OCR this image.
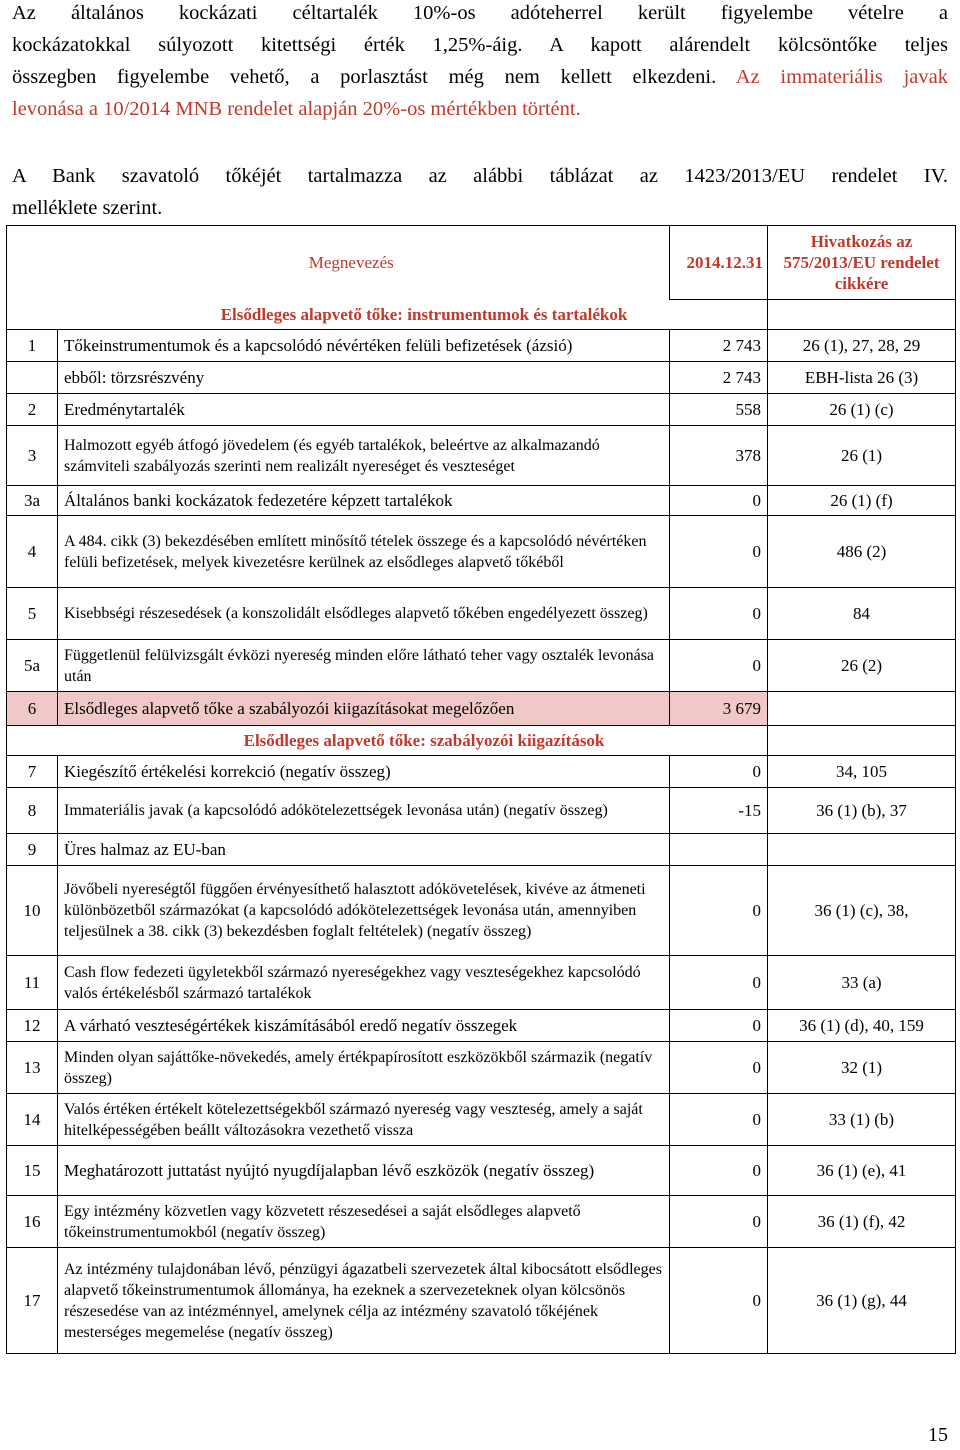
Az általános kockázati céltartalék 10%-os adóteherrel került figyelembe vételre a
kockázatokkal súlyozott kitettségi érték 1,25%-áig. A kapott alárendelt kölcsöntőke teljes
összegben figyelembe vehető, a porlasztást még nem kellett elkezdeni. Az immateriális javak
levonása a 10/2014 MNB rendelet alapján 20%-os mértékben történt.
A Bank szavatoló tőkéjét tartalmazza az alábbi táblázat az 1423/2013/EU rendelet IV.
melléklete szerint.
	Megnevezés	2014.12.31	Hivatkozás az 575/2013/EU rendelet cikkére
Elsődleges alapvető tőke: instrumentumok és tartalékok			
1	Tőkeinstrumentumok és a kapcsolódó névértéken felüli befizetések (ázsió)	2 743	26 (1), 27, 28, 29
	ebből: törzsrészvény	2 743	EBH-lista 26 (3)
2	Eredménytartalék	558	26 (1) (c)
3	Halmozott egyéb átfogó jövedelem (és egyéb tartalékok, beleértve az alkalmazandó számviteli szabályozás szerinti nem realizált nyereséget és veszteséget	378	26 (1)
3a	Általános banki kockázatok fedezetére képzett tartalékok	0	26 (1) (f)
4	A 484. cikk (3) bekezdésében említett minősítő tételek összege és a kapcsolódó névértéken felüli befizetések, melyek kivezetésre kerülnek az elsődleges alapvető tőkéből	0	486 (2)
5	Kisebbségi részesedések (a konszolidált elsődleges alapvető tőkében engedélyezett összeg)	0	84
5a	Függetlenül felülvizsgált évközi nyereség minden előre látható teher vagy osztalék levonása után	0	26 (2)
6	Elsődleges alapvető tőke a szabályozói kiigazításokat megelőzően	3 679	
Elsődleges alapvető tőke: szabályozói kiigazítások			
7	Kiegészítő értékelési korrekció (negatív összeg)	0	34, 105
8	Immateriális javak (a kapcsolódó adókötelezettségek levonása után) (negatív összeg)	-15	36 (1) (b), 37
9	Üres halmaz az EU-ban		
10	Jövőbeli nyereségtől függően érvényesíthető halasztott adókövetelések, kivéve az átmeneti különbözetből származókat (a kapcsolódó adókötelezettségek levonása után, amennyiben teljesülnek a 38. cikk (3) bekezdésben foglalt feltételek) (negatív összeg)	0	36 (1) (c), 38,
11	Cash flow fedezeti ügyletekből származó nyereségekhez vagy veszteségekhez kapcsolódó valós értékelésből származó tartalékok	0	33 (a)
12	A várható veszteségértékek kiszámításából eredő negatív összegek	0	36 (1) (d), 40, 159
13	Minden olyan sajáttőke-növekedés, amely értékpapírosított eszközökből származik (negatív összeg)	0	32 (1)
14	Valós értéken értékelt kötelezettségekből származó nyereség vagy veszteség, amely a saját hitelképességében beállt változásokra vezethető vissza	0	33 (1) (b)
15	Meghatározott juttatást nyújtó nyugdíjalapban lévő eszközök (negatív összeg)	0	36 (1) (e), 41
16	Egy intézmény közvetlen vagy közvetett részesedései a saját elsődleges alapvető tőkeinstrumentumokból (negatív összeg)	0	36 (1) (f), 42
17	Az intézmény tulajdonában lévő, pénzügyi ágazatbeli szervezetek által kibocsátott elsődleges alapvető tőkeinstrumentumok állománya, ha ezeknek a szervezeteknek olyan kölcsönös részesedése van az intézménnyel, amelynek célja az intézmény szavatoló tőkéjének mesterséges megemelése (negatív összeg)	0	36 (1) (g), 44
15
